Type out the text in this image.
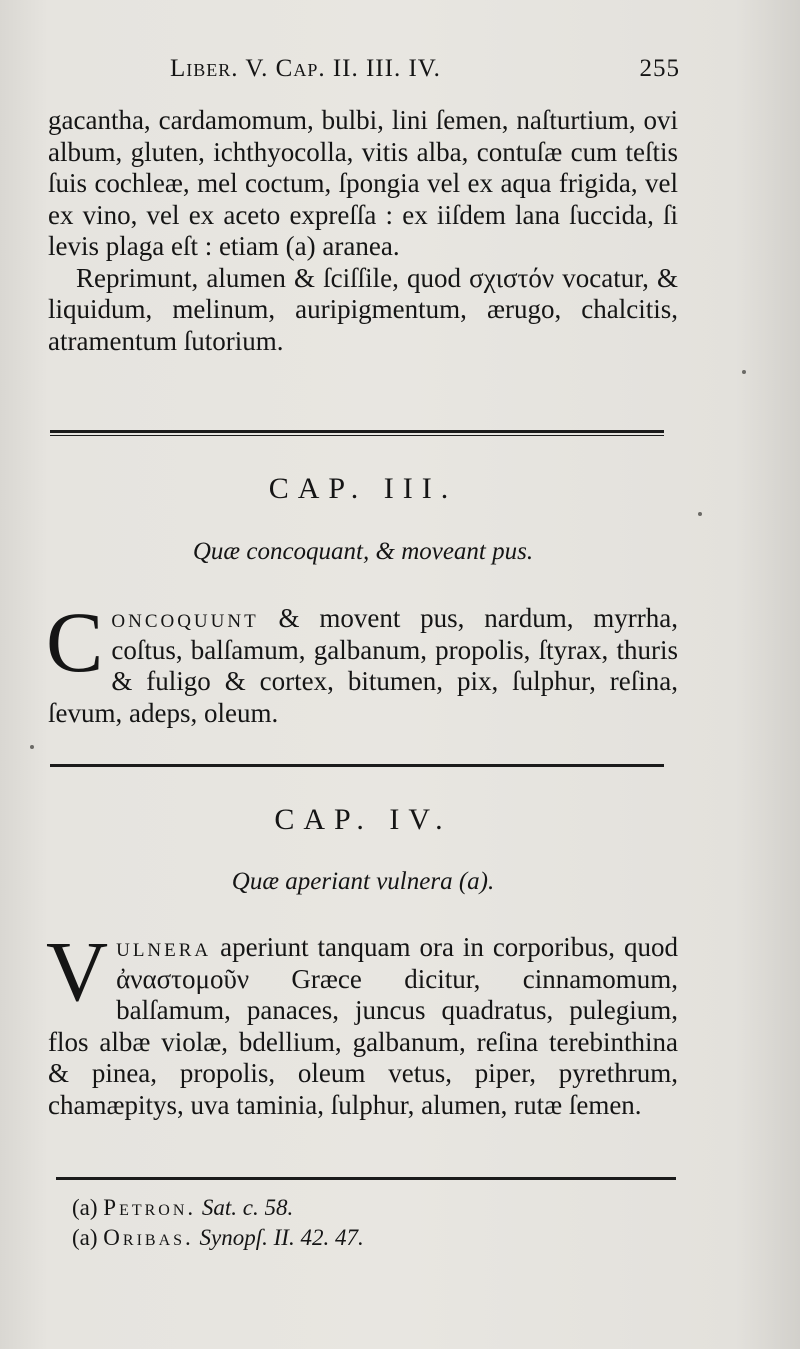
Liber. V. Cap. II. III. IV.	255

gacantha, cardamomum, bulbi, lini ſemen, naſturtium, ovi album, gluten, ichthyocolla, vitis alba, contuſæ cum teſtis ſuis cochleæ, mel coctum, ſpongia vel ex aqua frigida, vel ex vino, vel ex aceto expreſſa : ex iiſdem lana ſuccida, ſi levis plaga eſt : etiam (a) aranea.

Reprimunt, alumen & ſciſſile, quod σχιστόν vocatur, & liquidum, melinum, auripigmentum, ærugo, chalcitis, atramentum ſutorium.

CAP. III.
Quæ concoquant, & moveant pus.

Concoquunt & movent pus, nardum, myrrha, coſtus, balſamum, galbanum, propolis, ſtyrax, thuris & fuligo & cortex, bitumen, pix, ſulphur, reſina, ſevum, adeps, oleum.

CAP. IV.
Quæ aperiant vulnera (a).

Vulnera aperiunt tanquam ora in corporibus, quod ἀναστομοῦν Græce dicitur, cinnamomum, balſamum, panaces, juncus quadratus, pulegium, flos albæ violæ, bdellium, galbanum, reſina terebinthina & pinea, propolis, oleum vetus, piper, pyrethrum, chamæpitys, uva taminia, ſulphur, alumen, rutæ ſemen.

(a) Petron. Sat. c. 58.
(a) Oribas. Synopſ. II. 42. 47.
